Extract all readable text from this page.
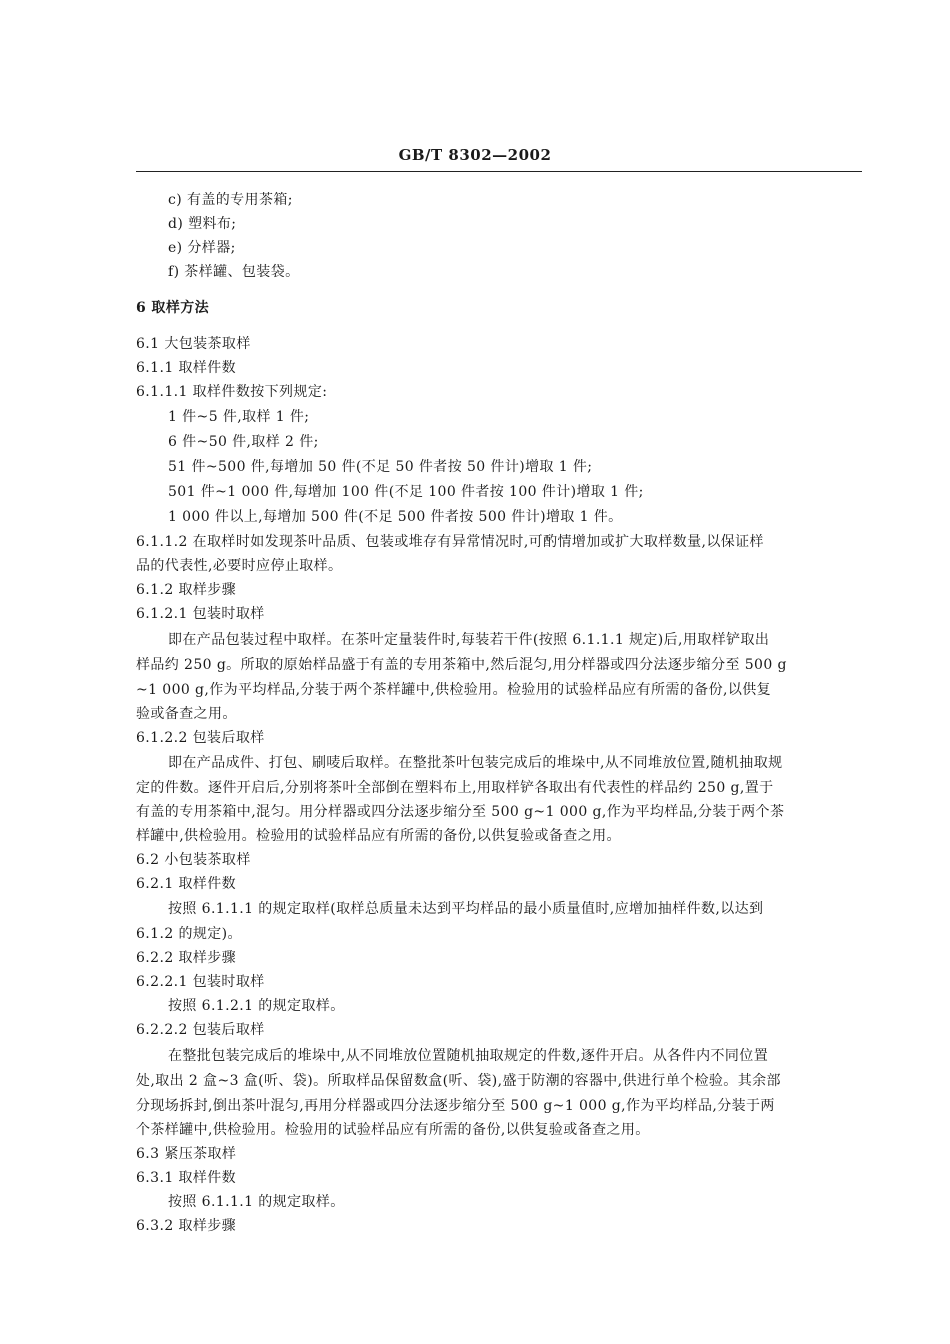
GB/T 8302—2002
c) 有盖的专用茶箱;
d) 塑料布;
e) 分样器;
f) 茶样罐、包装袋。
6 取样方法
6.1 大包装茶取样
6.1.1 取样件数
6.1.1.1 取样件数按下列规定:
1 件~5 件,取样 1 件;
6 件~50 件,取样 2 件;
51 件~500 件,每增加 50 件(不足 50 件者按 50 件计)增取 1 件;
501 件~1 000 件,每增加 100 件(不足 100 件者按 100 件计)增取 1 件;
1 000 件以上,每增加 500 件(不足 500 件者按 500 件计)增取 1 件。
6.1.1.2 在取样时如发现茶叶品质、包装或堆存有异常情况时,可酌情增加或扩大取样数量,以保证样
品的代表性,必要时应停止取样。
6.1.2 取样步骤
6.1.2.1 包装时取样
即在产品包装过程中取样。在茶叶定量装件时,每装若干件(按照 6.1.1.1 规定)后,用取样铲取出
样品约 250 g。所取的原始样品盛于有盖的专用茶箱中,然后混匀,用分样器或四分法逐步缩分至 500 g
~1 000 g,作为平均样品,分装于两个茶样罐中,供检验用。检验用的试验样品应有所需的备份,以供复
验或备查之用。
6.1.2.2 包装后取样
即在产品成件、打包、刷唛后取样。在整批茶叶包装完成后的堆垛中,从不同堆放位置,随机抽取规
定的件数。逐件开启后,分别将茶叶全部倒在塑料布上,用取样铲各取出有代表性的样品约 250 g,置于
有盖的专用茶箱中,混匀。用分样器或四分法逐步缩分至 500 g~1 000 g,作为平均样品,分装于两个茶
样罐中,供检验用。检验用的试验样品应有所需的备份,以供复验或备查之用。
6.2 小包装茶取样
6.2.1 取样件数
按照 6.1.1.1 的规定取样(取样总质量未达到平均样品的最小质量值时,应增加抽样件数,以达到
6.1.2 的规定)。
6.2.2 取样步骤
6.2.2.1 包装时取样
按照 6.1.2.1 的规定取样。
6.2.2.2 包装后取样
在整批包装完成后的堆垛中,从不同堆放位置随机抽取规定的件数,逐件开启。从各件内不同位置
处,取出 2 盒~3 盒(听、袋)。所取样品保留数盒(听、袋),盛于防潮的容器中,供进行单个检验。其余部
分现场拆封,倒出茶叶混匀,再用分样器或四分法逐步缩分至 500 g~1 000 g,作为平均样品,分装于两
个茶样罐中,供检验用。检验用的试验样品应有所需的备份,以供复验或备查之用。
6.3 紧压茶取样
6.3.1 取样件数
按照 6.1.1.1 的规定取样。
6.3.2 取样步骤
